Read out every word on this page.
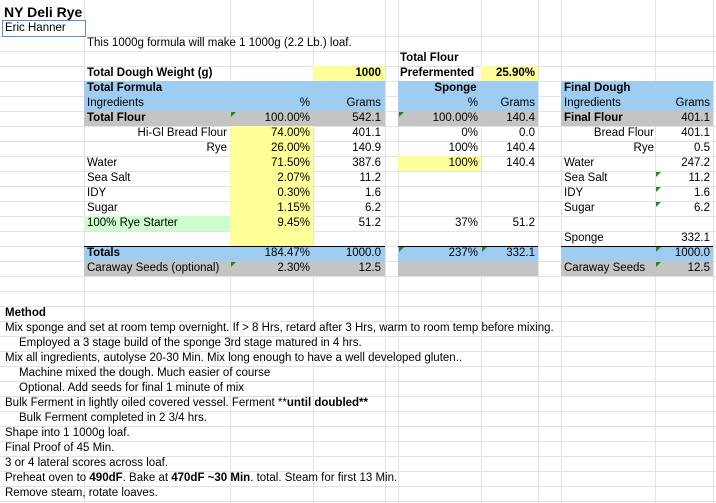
NY Deli Rye
Eric Hanner
This 1000g formula will make 1 1000g (2.2 Lb.) loaf.
Total Flour
Total Dough Weight (g)	1000 Prefermented	25.90%
Total Formula	Sponge	Final Dough
Ingredients	%	Grams	%	Grams	Ingredients	Grams
Total Flour	100.00%	542.1	100.00%	140.4	Final Flour	401.1
Hi-Gl Bread Flour	74.00%	401.1	0%	0.0	Bread Flour	401.1
Rye	26.00%	140.9	100%	140.4	Rye	0.5
Water	71.50%	387.6	100%	140.4	Water	247.2
Sea Salt	2.07%	11.2	Sea Salt	11.2
IDY	0.30%	1.6	IDY	1.6
Sugar	1.15%	6.2	Sugar	6.2
100% Rye Starter	9.45%	51.2	37%	51.2
Sponge	332.1
Totals	184.47%	1000.0	237%	332.1	1000.0
Caraway Seeds (optional)	2.30%	12.5	Caraway Seeds	12.5
Method
Mix sponge and set at room temp overnight. If > 8 Hrs, retard after 3 Hrs, warm to room temp before mixing.
Employed a 3 stage build of the sponge 3rd stage matured in 4 hrs.
Mix all ingredients, autolyse 20-30 Min. Mix long enough to have a well developed gluten..
Machine mixed the dough. Much easier of course
Optional. Add seeds for final 1 minute of mix
Bulk Ferment in lightly oiled covered vessel. Ferment **until doubled**
Bulk Ferment completed in 2 3/4 hrs.
Shape into 1 1000g loaf.
Final Proof of 45 Min.
3 or 4 lateral scores across loaf.
Preheat oven to 490dF. Bake at 470dF ~30 Min. total. Steam for first 13 Min.
Remove steam, rotate loaves.
